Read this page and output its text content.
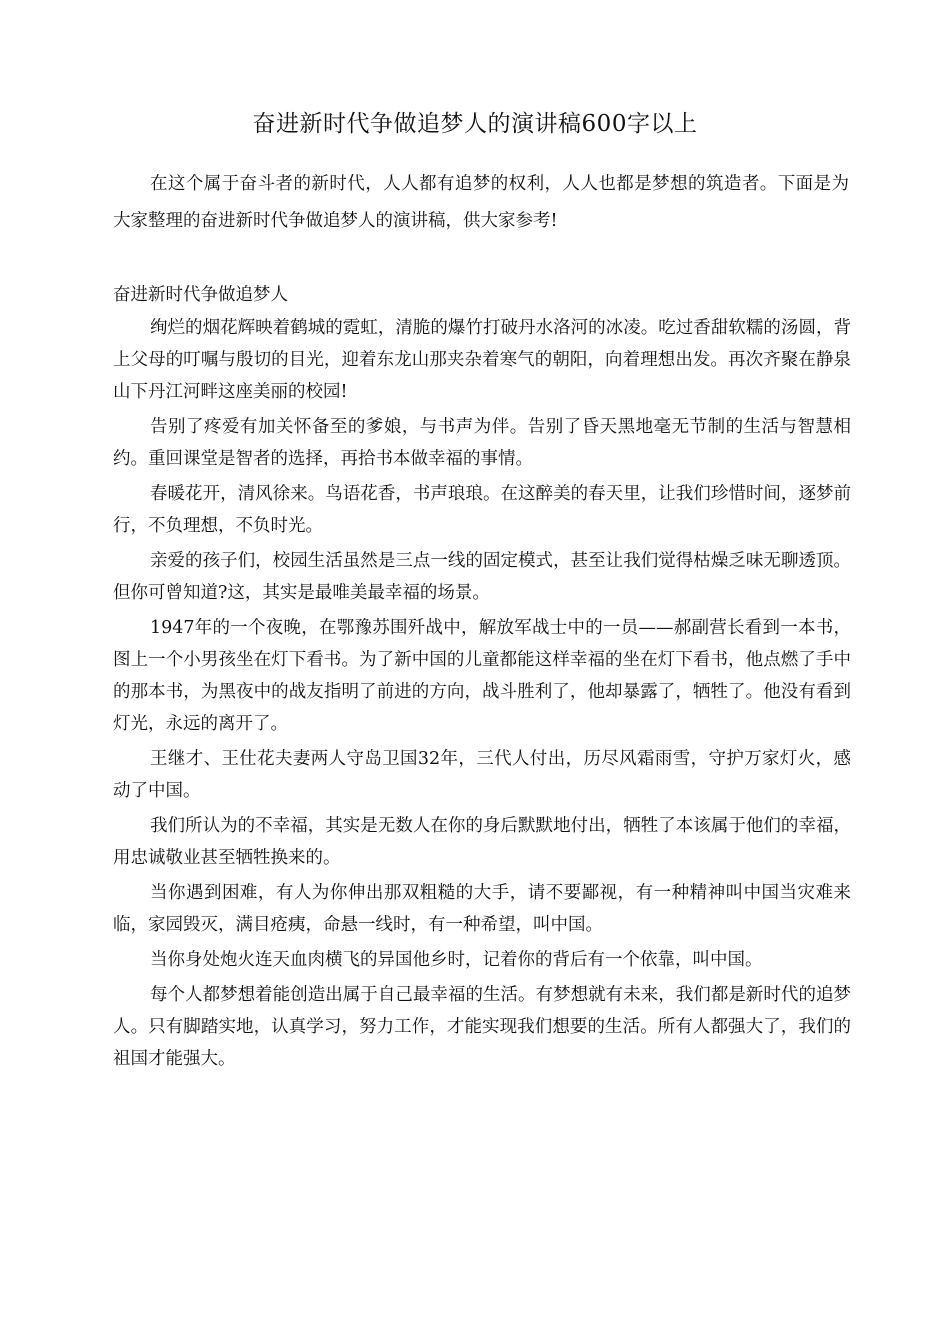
奋进新时代争做追梦人的演讲稿600字以上

在这个属于奋斗者的新时代，人人都有追梦的权利，人人也都是梦想的筑造者。下面是为大家整理的奋进新时代争做追梦人的演讲稿，供大家参考!

奋进新时代争做追梦人

绚烂的烟花辉映着鹤城的霓虹，清脆的爆竹打破丹水洛河的冰凌。吃过香甜软糯的汤圆，背上父母的叮嘱与殷切的目光，迎着东龙山那夹杂着寒气的朝阳，向着理想出发。再次齐聚在静泉山下丹江河畔这座美丽的校园!

告别了疼爱有加关怀备至的爹娘，与书声为伴。告别了昏天黑地毫无节制的生活与智慧相约。重回课堂是智者的选择，再拾书本做幸福的事情。

春暖花开，清风徐来。鸟语花香，书声琅琅。在这醉美的春天里，让我们珍惜时间，逐梦前行，不负理想，不负时光。

亲爱的孩子们，校园生活虽然是三点一线的固定模式，甚至让我们觉得枯燥乏味无聊透顶。但你可曾知道?这，其实是最唯美最幸福的场景。

1947年的一个夜晚，在鄂豫苏围歼战中，解放军战士中的一员——郝副营长看到一本书，图上一个小男孩坐在灯下看书。为了新中国的儿童都能这样幸福的坐在灯下看书，他点燃了手中的那本书，为黑夜中的战友指明了前进的方向，战斗胜利了，他却暴露了，牺牲了。他没有看到灯光，永远的离开了。

王继才、王仕花夫妻两人守岛卫国32年，三代人付出，历尽风霜雨雪，守护万家灯火，感动了中国。

我们所认为的不幸福，其实是无数人在你的身后默默地付出，牺牲了本该属于他们的幸福，用忠诚敬业甚至牺牲换来的。

当你遇到困难，有人为你伸出那双粗糙的大手，请不要鄙视，有一种精神叫中国当灾难来临，家园毁灭，满目疮痍，命悬一线时，有一种希望，叫中国。

当你身处炮火连天血肉横飞的异国他乡时，记着你的背后有一个依靠，叫中国。

每个人都梦想着能创造出属于自己最幸福的生活。有梦想就有未来，我们都是新时代的追梦人。只有脚踏实地，认真学习，努力工作，才能实现我们想要的生活。所有人都强大了，我们的祖国才能强大。
